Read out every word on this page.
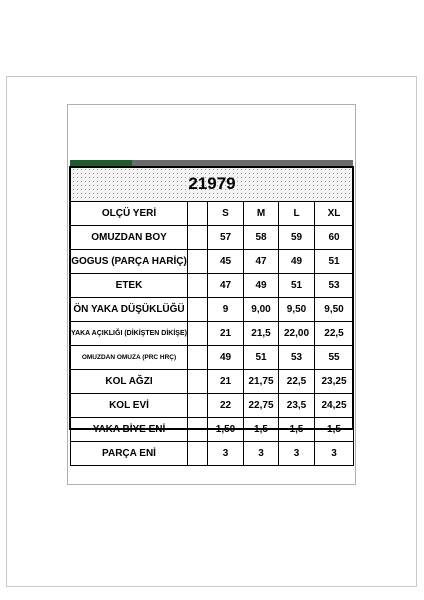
21979					
OLÇÜ YERİ		S	M	L	XL
OMUZDAN BOY		57	58	59	60
GOGUS (PARÇA HARİÇ)		45	47	49	51
ETEK		47	49	51	53
ÖN YAKA DÜŞÜKLÜĞÜ		9	9,00	9,50	9,50
YAKA AÇIKLIĞI (DİKİŞTEN DİKİŞE)		21	21,5	22,00	22,5
OMUZDAN OMUZA (PRC HRÇ)		49	51	53	55
KOL AĞZI		21	21,75	22,5	23,25
KOL EVİ		22	22,75	23,5	24,25
YAKA BİYE ENİ		1,50	1,5	1,5	1,5
PARÇA ENİ		3	3	3	3
